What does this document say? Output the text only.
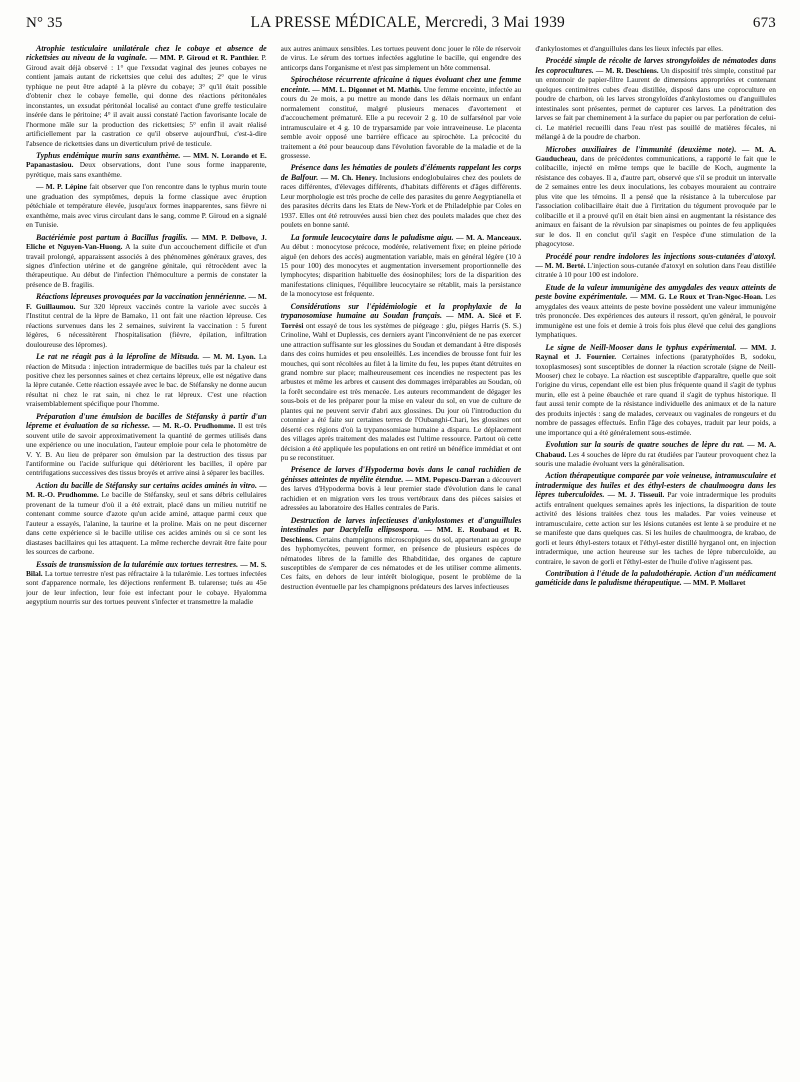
N° 35	LA PRESSE MÉDICALE, Mercredi, 3 Mai 1939	673

Atrophie testiculaire unilatérale chez le cobaye et absence de rickettsies au niveau de la vaginale. — MM. P. Giroud et R. Panthier. P. Giroud avait déjà observé : 1° que l'exsudat vaginal des jeunes cobayes ne contient jamais autant de rickettsies que celui des adultes; 2° que le virus typhique ne peut être adapté à la plèvre du cobaye; 3° qu'il était possible d'obtenir chez le cobaye femelle, qui donne des réactions péritonéales inconstantes, un exsudat péritonéal localisé au contact d'une greffe testiculaire insérée dans le péritoine; 4° il avait aussi constaté l'action favorisante locale de l'hormone mâle sur la production des rickettsies; 5° enfin il avait réalisé artificiellement par la castration ce qu'il observe aujourd'hui, c'est-à-dire l'absence de rickettsies dans un diverticulum privé de testicule.

Typhus endémique murin sans exanthème. — MM. N. Lorando et E. Papanastasiou. Deux observations, dont l'une sous forme inapparente, pyrétique, mais sans exanthème.

— M. P. Lépine fait observer que l'on rencontre dans le typhus murin toute une graduation des symptômes, depuis la forme classique avec éruption pétéchiale et température élevée, jusqu'aux formes inapparentes, sans fièvre ni exanthème, mais avec virus circulant dans le sang, comme P. Giroud en a signalé en Tunisie.

Bactériémie post partum à Bacillus fragilis. — MM. P. Delbove, J. Eliche et Nguyen-Van-Huong. A la suite d'un accouchement difficile et d'un travail prolongé, apparaissent associés à des phénomènes généraux graves, des signes d'infection utérine et de gangrène génitale, qui rétrocèdent avec la thérapeutique. Au début de l'infection l'hémoculture a permis de constater la présence de B. fragilis.

Réactions lépreuses provoquées par la vaccination jennérienne. — M. F. Guillaumou. Sur 320 lépreux vaccinés contre la variole avec succès à l'Institut central de la lèpre de Bamako, 11 ont fait une réaction lépreuse. Ces réactions survenues dans les 2 semaines, suivirent la vaccination : 5 furent légères, 6 nécessitèrent l'hospitalisation (fièvre, épilation, infiltration douloureuse des lépromes).

Le rat ne réagit pas à la léproline de Mitsuda. — M. M. Lyon. La réaction de Mitsuda : injection intradermique de bacilles tués par la chaleur est positive chez les personnes saines et chez certains lépreux, elle est négative dans la lèpre cutanée. Cette réaction essayée avec le bac. de Stéfansky ne donne aucun résultat ni chez le rat sain, ni chez le rat lépreux. C'est une réaction vraisemblablement spécifique pour l'homme.

Préparation d'une émulsion de bacilles de Stéfansky à partir d'un lépreme et évaluation de sa richesse. — M. R.-O. Prudhomme. Il est très souvent utile de savoir approximativement la quantité de germes utilisés dans une expérience ou une inoculation, l'auteur emploie pour cela le photomètre de V. Y. B. Au lieu de préparer son émulsion par la destruction des tissus par l'antiformine ou l'acide sulfurique qui détériorent les bacilles, il opère par centrifugations successives des tissus broyés et arrive ainsi à séparer les bacilles.

Action du bacille de Stéfansky sur certains acides aminés in vitro. — M. R.-O. Prudhomme. Le bacille de Stéfansky, seul et sans débris cellulaires provenant de la tumeur d'où il a été extrait, placé dans un milieu nutritif ne contenant comme source d'azote qu'un acide aminé, attaque parmi ceux que l'auteur a essayés, l'alanine, la taurine et la proline. Mais on ne peut discerner dans cette expérience si le bacille utilise ces acides aminés ou si ce sont les diastases bacillaires qui les attaquent. La même recherche devrait être faite pour les sources de carbone.

Essais de transmission de la tularémie aux tortues terrestres. — M. S. Bilal. La tortue terrestre n'est pas réfractaire à la tularémie. Les tortues infectées sont d'apparence normale, les déjections renferment B. tularense; tués au 45e jour de leur infection, leur foie est infectant pour le cobaye. Hyalomma aegyptium nourris sur des tortues peuvent s'infecter et transmettre la maladie

aux autres animaux sensibles. Les tortues peuvent donc jouer le rôle de réservoir de virus. Le sérum des tortues infectées agglutine le bacille, qui engendre des anticorps dans l'organisme et n'est pas simplement un hôte commensal.

Spirochétose récurrente africaine à tiques évoluant chez une femme enceinte. — MM. L. Digonnet et M. Mathis. Une femme enceinte, infectée au cours du 2e mois, a pu mettre au monde dans les délais normaux un enfant normalement constitué, malgré plusieurs menaces d'avortement et d'accouchement prématuré. Elle a pu recevoir 2 g. 10 de sulfarsénol par voie intramusculaire et 4 g. 10 de tryparsamide par voie intraveineuse. Le placenta semble avoir opposé une barrière efficace au spirochète. La précocité du traitement a été pour beaucoup dans l'évolution favorable de la maladie et de la grossesse.

Présence dans les hématies de poulets d'éléments rappelant les corps de Balfour. — M. Ch. Henry. Inclusions endoglobulaires chez des poulets de races différentes, d'élevages différents, d'habitats différents et d'âges différents. Leur morphologie est très proche de celle des parasites du genre Aegyptianella et des parasites décrits dans les Etats de New-York et de Philadelphie par Coles en 1937. Elles ont été retrouvées aussi bien chez des poulets malades que chez des poulets en bonne santé.

La formule leucocytaire dans le paludisme aigu. — M. A. Manceaux. Au début : monocytose précoce, modérée, relativement fixe; en pleine période aiguë (en dehors des accès) augmentation variable, mais en général légère (10 à 15 pour 100) des monocytes et augmentation inversement proportionnelle des lymphocytes; disparition habituelle des éosinophiles; lors de la disparition des manifestations cliniques, l'équilibre leucocytaire se rétablit, mais la persistance de la monocytose est fréquente.

Considérations sur l'épidémiologie et la prophylaxie de la trypanosomiase humaine au Soudan français. — MM. A. Sicé et F. Torrési ont essayé de tous les systèmes de piégeage : glu, pièges Harris (S. S.) Crinoline, Wahl et Duplessis, ces derniers ayant l'inconvénient de ne pas exercer une attraction suffisante sur les glossines du Soudan et demandant à être disposés dans des coins humides et peu ensoleillés. Les incendies de brousse font fuir les mouches, qui sont récoltées au filet à la limite du feu, les pupes étant détruites en grand nombre sur place; malheureusement ces incendies ne respectent pas les arbustes et même les arbres et causent des dommages irréparables au Soudan, où la forêt secondaire est très menacée. Les auteurs recommandent de dégager les sous-bois et de les préparer pour la mise en valeur du sol, en vue de culture de plantes qui ne peuvent servir d'abri aux glossines. Du jour où l'introduction du cotonnier a été faite sur certaines terres de l'Oubanghi-Chari, les glossines ont déserté ces régions d'où la trypanosomiase humaine a disparu. Le déplacement des villages après traitement des malades est l'ultime ressource. Partout où cette décision a été appliquée les populations en ont retiré un bénéfice immédiat et ont pu se reconstituer.

Présence de larves d'Hypoderma bovis dans le canal rachidien de génisses atteintes de myélite étendue. — MM. Popescu-Darran a découvert des larves d'Hypoderma bovis à leur premier stade d'évolution dans le canal rachidien et en migration vers les trous vertébraux dans des pièces saisies et adressées au laboratoire des Halles centrales de Paris.

Destruction de larves infectieuses d'ankylostomes et d'anguillules intestinales par Dactylella ellipsospora. — MM. E. Roubaud et R. Deschiens. Certains champignons microscopiques du sol, appartenant au groupe des hyphomycètes, peuvent former, en présence de plusieurs espèces de nématodes libres de la famille des Rhabditidae, des organes de capture susceptibles de s'emparer de ces nématodes et de les utiliser comme aliments. Ces faits, en dehors de leur intérêt biologique, posent le problème de la destruction éventuelle par les champignons prédateurs des larves infectieuses

d'ankylostomes et d'anguillules dans les lieux infectés par elles.

Procédé simple de récolte de larves strongyloïdes de nématodes dans les coprocultures. — M. R. Deschiens. Un dispositif très simple, constitué par un entonnoir de papier-filtre Laurent de dimensions appropriées et contenant quelques centimètres cubes d'eau distillée, disposé dans une coproculture en poudre de charbon, où les larves strongyloïdes d'ankylostomes ou d'anguillules intestinales sont présentes, permet de capturer ces larves. La pénétration des larves se fait par cheminement à la surface du papier ou par perforation de celui-ci. Le matériel recueilli dans l'eau n'est pas souillé de matières fécales, ni mélangé à de la poudre de charbon.

Microbes auxiliaires de l'immunité (deuxième note). — M. A. Gauducheau, dans de précédentes communications, a rapporté le fait que le colibacille, injecté en même temps que le bacille de Koch, augmente la résistance des cobayes. Il a, d'autre part, observé que s'il se produit un intervalle de 2 semaines entre les deux inoculations, les cobayes mouraient au contraire plus vite que les témoins. Il a pensé que la résistance à la tuberculose par l'association colibacillaire était due à l'irritation du tégument provoquée par le colibacille et il a prouvé qu'il en était bien ainsi en augmentant la résistance des animaux en faisant de la révulsion par sinapismes ou pointes de feu appliquées sur le dos. Il en conclut qu'il s'agit en l'espèce d'une stimulation de la phagocytose.

Procédé pour rendre indolores les injections sous-cutanées d'atoxyl. — M. M. Berté. L'injection sous-cutanée d'atoxyl en solution dans l'eau distillée citratée à 10 pour 100 est indolore.

Etude de la valeur immunigène des amygdales des veaux atteints de peste bovine expérimentale. — MM. G. Le Roux et Tran-Ngoc-Hoan. Les amygdales des veaux atteints de peste bovine possèdent une valeur immunigène très prononcée. Des expériences des auteurs il ressort, qu'en général, le pouvoir immunigène est une fois et demie à trois fois plus élevé que celui des ganglions lymphatiques.

Le signe de Neill-Mooser dans le typhus expérimental. — MM. J. Raynal et J. Fournier. Certaines infections (paratyphoïdes B, sodoku, toxoplasmoses) sont susceptibles de donner la réaction scrotale (signe de Neill-Mooser) chez le cobaye. La réaction est susceptible d'apparaître, quelle que soit l'origine du virus, cependant elle est bien plus fréquente quand il s'agit de typhus murin, elle est à peine ébauchée et rare quand il s'agit de typhus historique. Il faut aussi tenir compte de la résistance individuelle des animaux et de la nature des produits injectés : sang de malades, cerveaux ou vaginales de rongeurs et du nombre de passages effectués. Enfin l'âge des cobayes, traduit par leur poids, a une importance qui a été généralement sous-estimée.

Evolution sur la souris de quatre souches de lèpre du rat. — M. A. Chabaud. Les 4 souches de lèpre du rat étudiées par l'auteur provoquent chez la souris une maladie évoluant vers la généralisation.

Action thérapeutique comparée par voie veineuse, intramusculaire et intradermique des huiles et des éthyl-esters de chaulmoogra dans les lèpres tuberculoïdes. — M. J. Tisseuil. Par voie intradermique les produits actifs entraînent quelques semaines après les injections, la disparition de toute activité des lésions traitées chez tous les malades. Par voies veineuse et intramusculaire, cette action sur les lésions cutanées est lente à se produire et ne se manifeste que dans quelques cas. Si les huiles de chaulmoogra, de krabao, de gorli et leurs éthyl-esters totaux et l'éthyl-ester distillé hyrganol ont, en injection intradermique, une action heureuse sur les taches de lèpre tuberculoïde, au contraire, le savon de gorli et l'éthyl-ester de l'huile d'olive n'agissent pas.

Contribution à l'étude de la paludothérapie. Action d'un médicament gaméticide dans le paludisme thérapeutique. — MM. P. Mollaret
